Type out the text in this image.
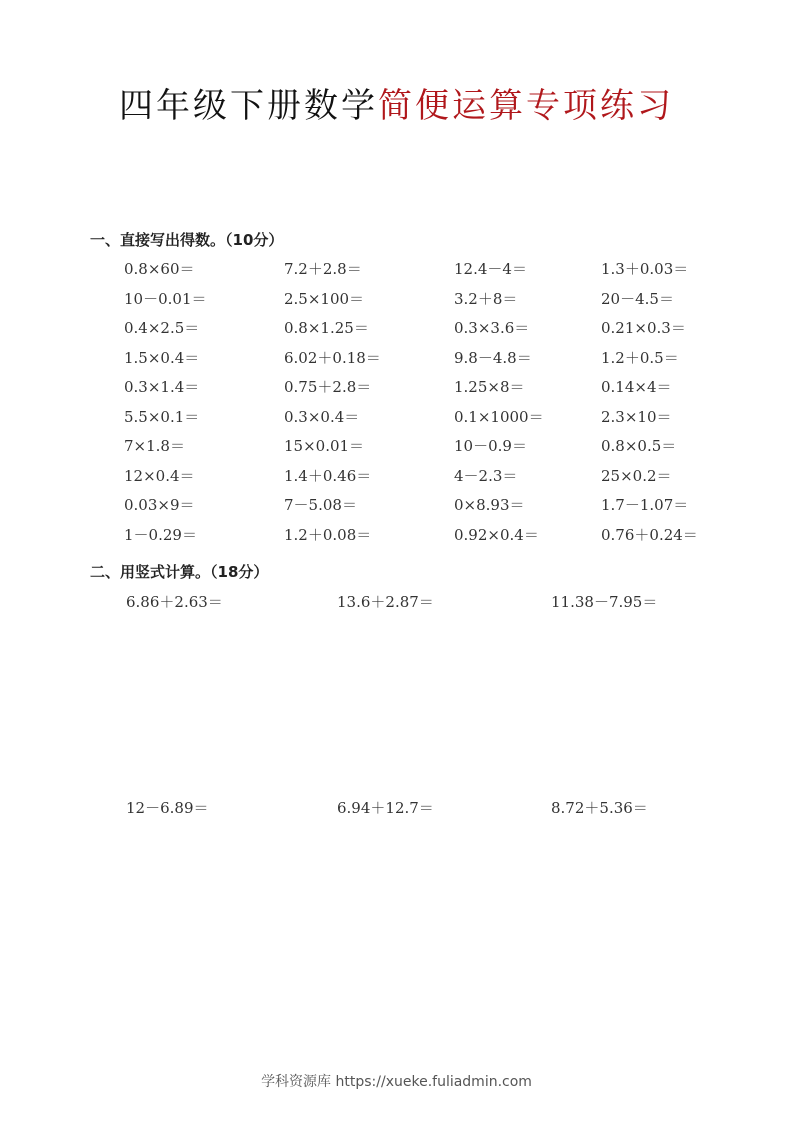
四年级下册数学简便运算专项练习
一、直接写出得数。（10分）
0.8×60＝	7.2＋2.8＝	12.4－4＝	1.3＋0.03＝
10－0.01＝	2.5×100＝	3.2＋8＝	20－4.5＝
0.4×2.5＝	0.8×1.25＝	0.3×3.6＝	0.21×0.3＝
1.5×0.4＝	6.02＋0.18＝	9.8－4.8＝	1.2＋0.5＝
0.3×1.4＝	0.75＋2.8＝	1.25×8＝	0.14×4＝
5.5×0.1＝	0.3×0.4＝	0.1×1000＝	2.3×10＝
7×1.8＝	15×0.01＝	10－0.9＝	0.8×0.5＝
12×0.4＝	1.4＋0.46＝	4－2.3＝	25×0.2＝
0.03×9＝	7－5.08＝	0×8.93＝	1.7－1.07＝
1－0.29＝	1.2＋0.08＝	0.92×0.4＝	0.76＋0.24＝
二、用竖式计算。（18分）
6.86＋2.63＝	13.6＋2.87＝	11.38－7.95＝
12－6.89＝	6.94＋12.7＝	8.72＋5.36＝
学科资源库 https://xueke.fuliadmin.com
